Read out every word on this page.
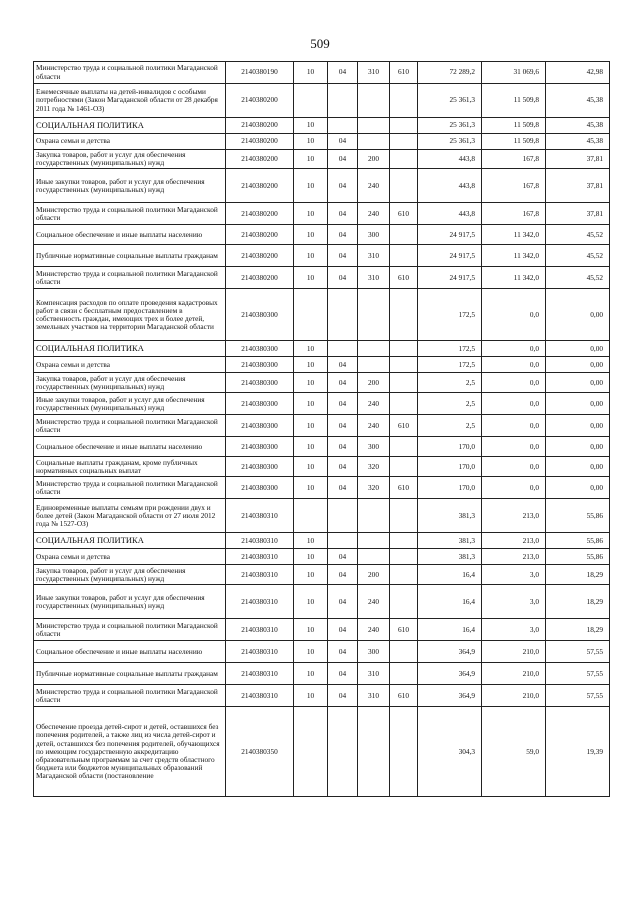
509
Министерство труда и социальной политики Магаданской области	2140380190	10	04	310	610	72 289,2	31 069,6	42,98
Ежемесячные выплаты на детей-инвалидов с особыми потребностями (Закон Магаданской области от 28 декабря 2011 года № 1461-ОЗ)	2140380200					25 361,3	11 509,8	45,38
СОЦИАЛЬНАЯ ПОЛИТИКА	2140380200	10				25 361,3	11 509,8	45,38
Охрана семьи и детства	2140380200	10	04			25 361,3	11 509,8	45,38
Закупка товаров, работ и услуг для обеспечения государственных (муниципальных) нужд	2140380200	10	04	200		443,8	167,8	37,81
Иные закупки товаров, работ и услуг для обеспечения государственных (муниципальных) нужд	2140380200	10	04	240		443,8	167,8	37,81
Министерство труда и социальной политики Магаданской области	2140380200	10	04	240	610	443,8	167,8	37,81
Социальное обеспечение и иные выплаты населению	2140380200	10	04	300		24 917,5	11 342,0	45,52
Публичные нормативные социальные выплаты гражданам	2140380200	10	04	310		24 917,5	11 342,0	45,52
Министерство труда и социальной политики Магаданской области	2140380200	10	04	310	610	24 917,5	11 342,0	45,52
Компенсация расходов по оплате проведения кадастровых работ в связи с бесплатным предоставлением в собственность граждан, имеющих трех и более детей, земельных участков на территории Магаданской области	2140380300					172,5	0,0	0,00
СОЦИАЛЬНАЯ ПОЛИТИКА	2140380300	10				172,5	0,0	0,00
Охрана семьи и детства	2140380300	10	04			172,5	0,0	0,00
Закупка товаров, работ и услуг для обеспечения государственных (муниципальных) нужд	2140380300	10	04	200		2,5	0,0	0,00
Иные закупки товаров, работ и услуг для обеспечения государственных (муниципальных) нужд	2140380300	10	04	240		2,5	0,0	0,00
Министерство труда и социальной политики Магаданской области	2140380300	10	04	240	610	2,5	0,0	0,00
Социальное обеспечение и иные выплаты населению	2140380300	10	04	300		170,0	0,0	0,00
Социальные выплаты гражданам, кроме публичных нормативных социальных выплат	2140380300	10	04	320		170,0	0,0	0,00
Министерство труда и социальной политики Магаданской области	2140380300	10	04	320	610	170,0	0,0	0,00
Единовременные выплаты семьям при рождении двух и более детей (Закон Магаданской области от 27 июля 2012 года № 1527-ОЗ)	2140380310					381,3	213,0	55,86
СОЦИАЛЬНАЯ ПОЛИТИКА	2140380310	10				381,3	213,0	55,86
Охрана семьи и детства	2140380310	10	04			381,3	213,0	55,86
Закупка товаров, работ и услуг для обеспечения государственных (муниципальных) нужд	2140380310	10	04	200		16,4	3,0	18,29
Иные закупки товаров, работ и услуг для обеспечения государственных (муниципальных) нужд	2140380310	10	04	240		16,4	3,0	18,29
Министерство труда и социальной политики Магаданской области	2140380310	10	04	240	610	16,4	3,0	18,29
Социальное обеспечение и иные выплаты населению	2140380310	10	04	300		364,9	210,0	57,55
Публичные нормативные социальные выплаты гражданам	2140380310	10	04	310		364,9	210,0	57,55
Министерство труда и социальной политики Магаданской области	2140380310	10	04	310	610	364,9	210,0	57,55
Обеспечение проезда детей-сирот и детей, оставшихся без попечения родителей, а также лиц из числа детей-сирот и детей, оставшихся без попечения родителей, обучающихся по имеющим государственную аккредитацию образовательным программам за счет средств областного бюджета или бюджетов муниципальных образований Магаданской области (постановление	2140380350					304,3	59,0	19,39
